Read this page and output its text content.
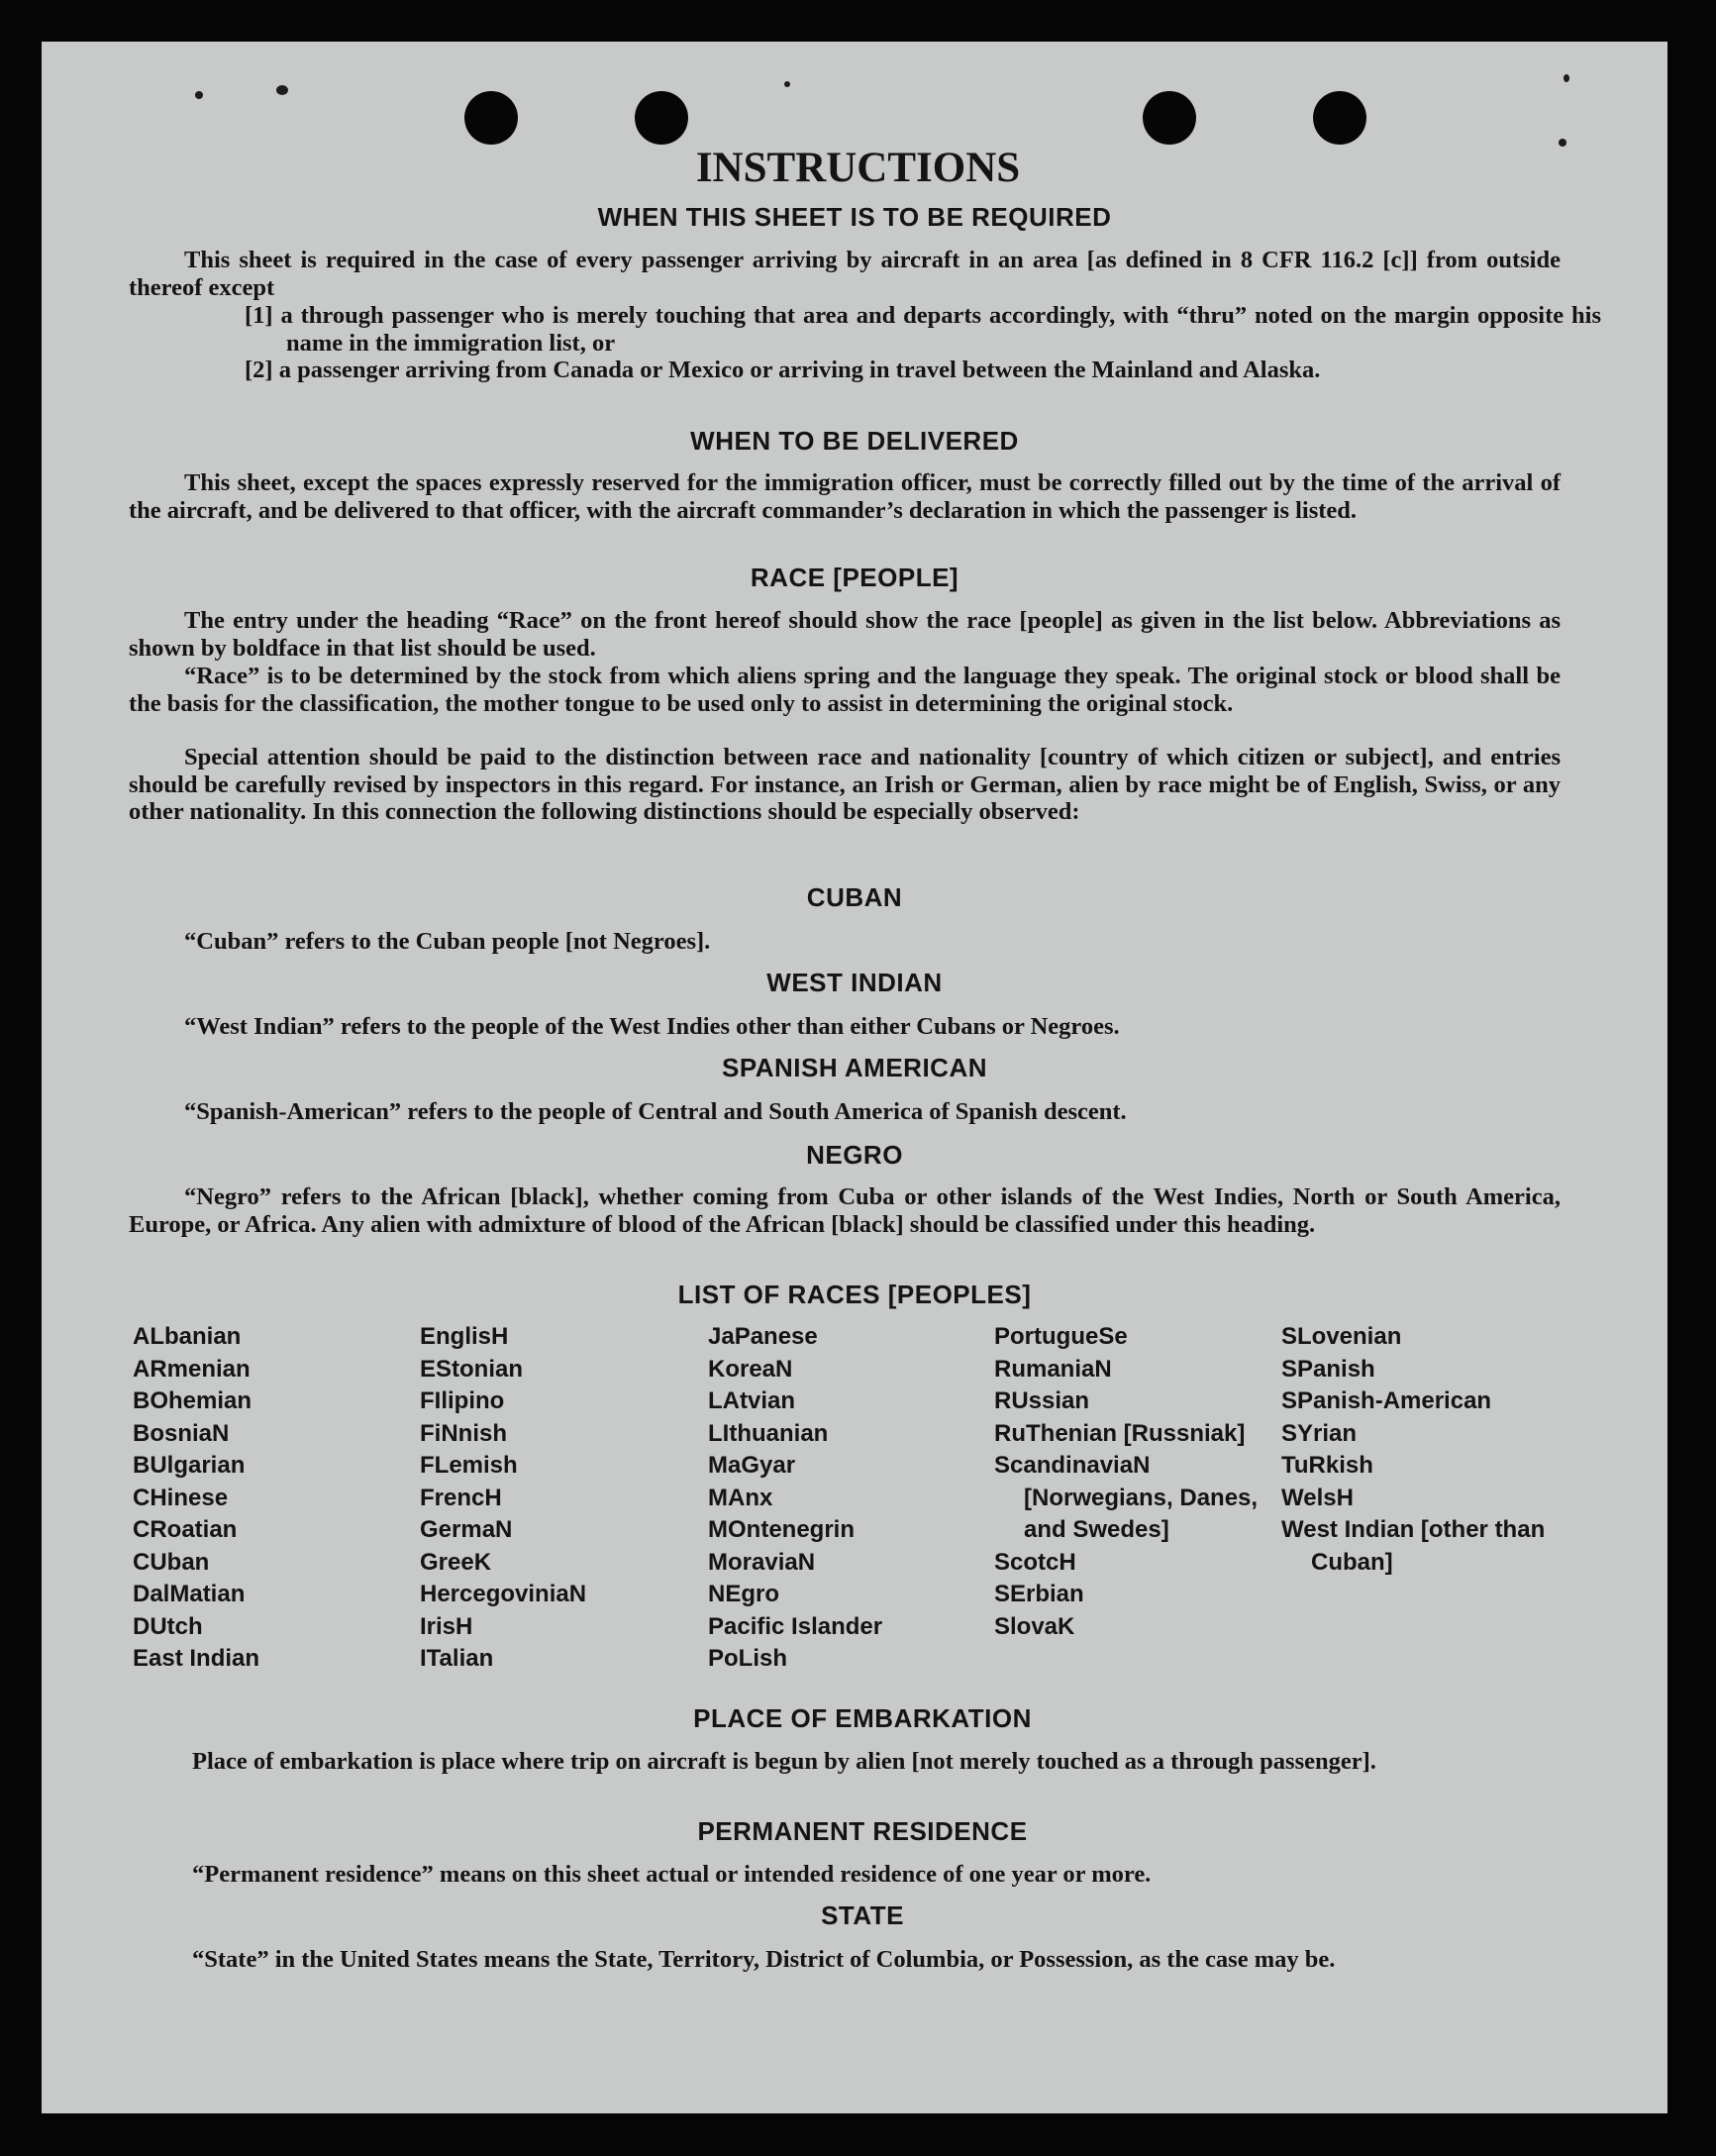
INSTRUCTIONS
WHEN THIS SHEET IS TO BE REQUIRED

This sheet is required in the case of every passenger arriving by aircraft in an area [as defined in 8 CFR 116.2 [c]] from outside thereof except

[1] a through passenger who is merely touching that area and departs accordingly, with “thru” noted on the margin opposite his name in the immigration list, or

[2] a passenger arriving from Canada or Mexico or arriving in travel between the Mainland and Alaska.

WHEN TO BE DELIVERED

This sheet, except the spaces expressly reserved for the immigration officer, must be correctly filled out by the time of the arrival of the aircraft, and be delivered to that officer, with the aircraft commander’s declaration in which the passenger is listed.

RACE [PEOPLE]

The entry under the heading “Race” on the front hereof should show the race [people] as given in the list below. Abbreviations as shown by boldface in that list should be used.

“Race” is to be determined by the stock from which aliens spring and the language they speak. The original stock or blood shall be the basis for the classification, the mother tongue to be used only to assist in determining the original stock.

Special attention should be paid to the distinction between race and nationality [country of which citizen or subject], and entries should be carefully revised by inspectors in this regard. For instance, an Irish or German, alien by race might be of English, Swiss, or any other nationality. In this connection the following distinctions should be especially observed:

CUBAN

“Cuban” refers to the Cuban people [not Negroes].

WEST INDIAN

“West Indian” refers to the people of the West Indies other than either Cubans or Negroes.

SPANISH AMERICAN

“Spanish-American” refers to the people of Central and South America of Spanish descent.

NEGRO

“Negro” refers to the African [black], whether coming from Cuba or other islands of the West Indies, North or South America, Europe, or Africa. Any alien with admixture of blood of the African [black] should be classified under this heading.

LIST OF RACES [PEOPLES]
ALbanian
ARmenian
BOhemian
BosniaN
BUlgarian
CHinese
CRoatian
CUban
DalMatian
DUtch
East Indian
EnglisH
EStonian
FIlipino
FiNnish
FLemish
FrencH
GermaN
GreeK
HercegoviniaN
IrisH
ITalian
JaPanese
KoreaN
LAtvian
LIthuanian
MaGyar
MAnx
MOntenegrin
MoraviaN
NEgro
Pacific Islander
PoLish
PortugueSe
RumaniaN
RUssian
RuThenian [Russniak]
ScandinaviaN [Norwegians, Danes, and Swedes]
ScotcH
SErbian
SlovaK
SLovenian
SPanish
SPanish-American
SYrian
TuRkish
WelsH
West Indian [other than Cuban]
PLACE OF EMBARKATION

Place of embarkation is place where trip on aircraft is begun by alien [not merely touched as a through passenger].

PERMANENT RESIDENCE

“Permanent residence” means on this sheet actual or intended residence of one year or more.

STATE

“State” in the United States means the State, Territory, District of Columbia, or Possession, as the case may be.
